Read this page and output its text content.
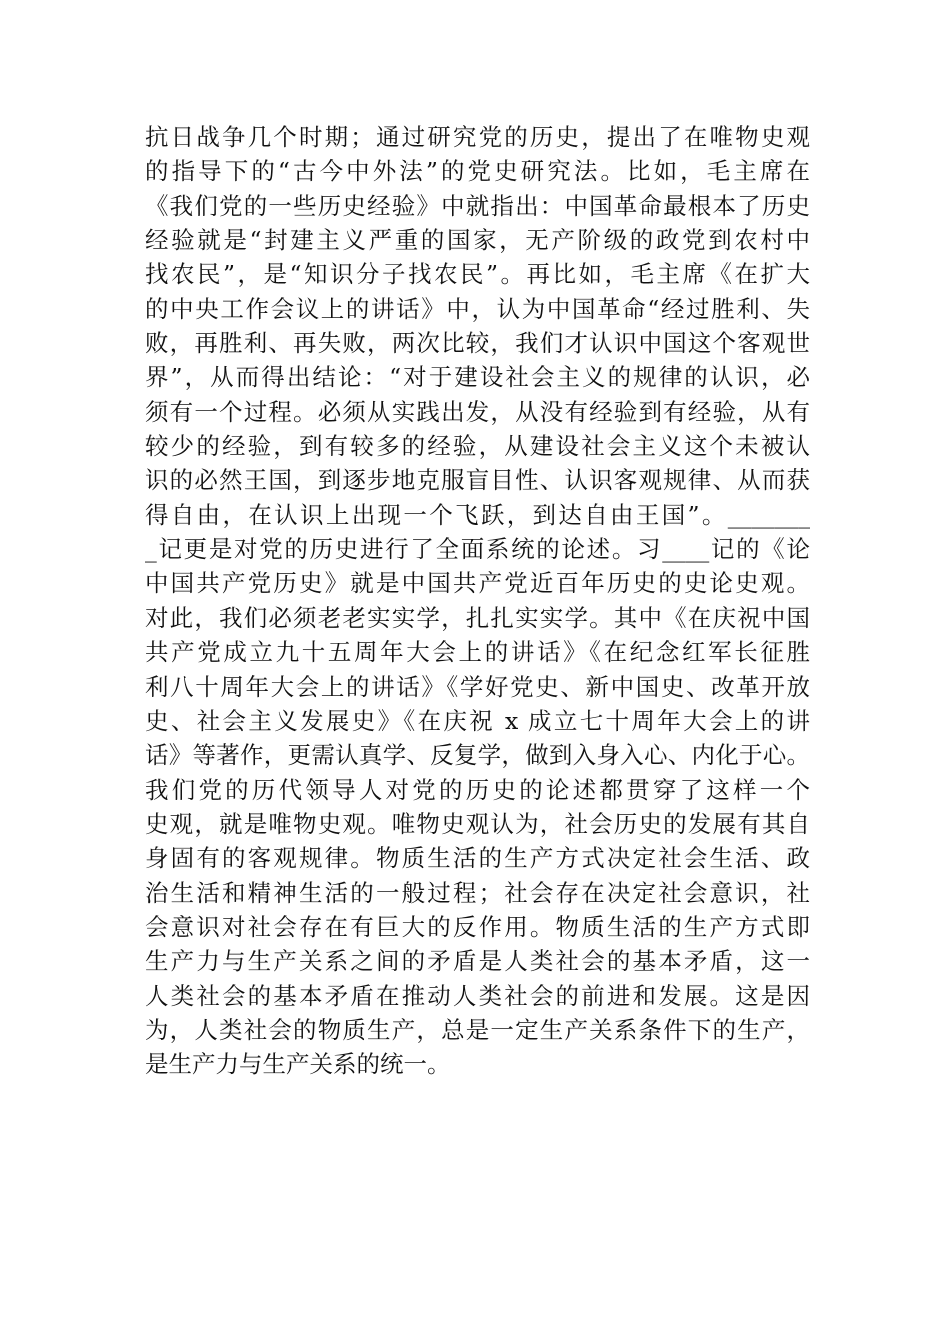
抗日战争几个时期；通过研究党的历史，提出了在唯物史观
的指导下的“古今中外法”的党史研究法。比如，毛主席在
《我们党的一些历史经验》中就指出：中国革命最根本了历史
经验就是“封建主义严重的国家，无产阶级的政党到农村中
找农民”，是“知识分子找农民”。再比如，毛主席《在扩大
的中央工作会议上的讲话》中，认为中国革命“经过胜利、失
败，再胜利、再失败，两次比较，我们才认识中国这个客观世
界”，从而得出结论：“对于建设社会主义的规律的认识，必
须有一个过程。必须从实践出发，从没有经验到有经验，从有
较少的经验，到有较多的经验，从建设社会主义这个未被认
识的必然王国，到逐步地克服盲目性、认识客观规律、从而获
得自由，在认识上出现一个飞跃，到达自由王国”。_______
_记更是对党的历史进行了全面系统的论述。习____记的《论
中国共产党历史》就是中国共产党近百年历史的史论史观。
对此，我们必须老老实实学，扎扎实实学。其中《在庆祝中国
共产党成立九十五周年大会上的讲话》《在纪念红军长征胜
利八十周年大会上的讲话》《学好党史、新中国史、改革开放
史、社会主义发展史》《在庆祝 x 成立七十周年大会上的讲
话》等著作，更需认真学、反复学，做到入身入心、内化于心。
我们党的历代领导人对党的历史的论述都贯穿了这样一个
史观，就是唯物史观。唯物史观认为，社会历史的发展有其自
身固有的客观规律。物质生活的生产方式决定社会生活、政
治生活和精神生活的一般过程；社会存在决定社会意识，社
会意识对社会存在有巨大的反作用。物质生活的生产方式即
生产力与生产关系之间的矛盾是人类社会的基本矛盾，这一
人类社会的基本矛盾在推动人类社会的前进和发展。这是因
为，人类社会的物质生产，总是一定生产关系条件下的生产，
是生产力与生产关系的统一。
